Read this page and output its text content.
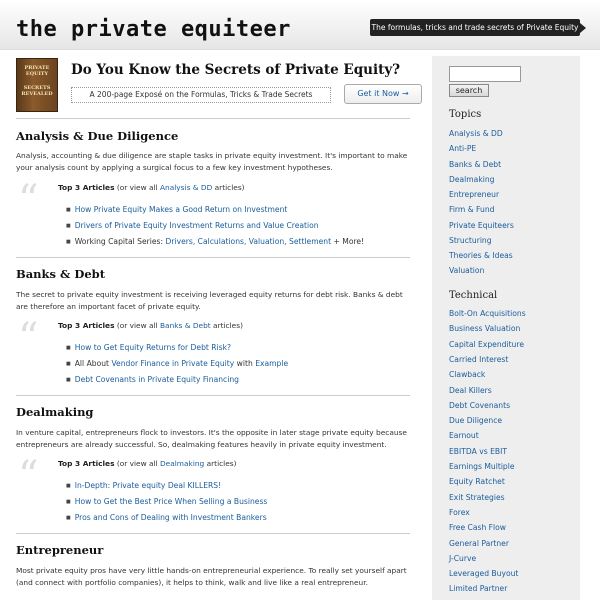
the private equiteer	The formulas, tricks and trade secrets of Private Equity
PRIVATE
EQUITY
SECRETS
REVEALED
Do You Know the Secrets of Private Equity?
A 200-page Exposé on the Formulas, Tricks & Trade Secrets	Get it Now →
Analysis & Due Diligence
Analysis, accounting & due diligence are staple tasks in private equity investment. It's important to make
your analysis count by applying a surgical focus to a few key investment hypotheses.
“	Top 3 Articles (or view all Analysis & DD articles)
■ How Private Equity Makes a Good Return on Investment
■ Drivers of Private Equity Investment Returns and Value Creation
■ Working Capital Series: Drivers, Calculations, Valuation, Settlement + More!
Banks & Debt
The secret to private equity investment is receiving leveraged equity returns for debt risk. Banks & debt
are therefore an important facet of private equity.
“	Top 3 Articles (or view all Banks & Debt articles)
■ How to Get Equity Returns for Debt Risk?
■ All About Vendor Finance in Private Equity with Example
■ Debt Covenants in Private Equity Financing
Dealmaking
In venture capital, entrepreneurs flock to investors. It's the opposite in later stage private equity because
entrepreneurs are already successful. So, dealmaking features heavily in private equity investment.
“	Top 3 Articles (or view all Dealmaking articles)
■ In-Depth: Private equity Deal KILLERS!
■ How to Get the Best Price When Selling a Business
■ Pros and Cons of Dealing with Investment Bankers
Entrepreneur
Most private equity pros have very little hands-on entrepreneurial experience. To really set yourself apart
(and connect with portfolio companies), it helps to think, walk and live like a real entrepreneur.
search
Topics
Analysis & DD
Anti-PE
Banks & Debt
Dealmaking
Entrepreneur
Firm & Fund
Private Equiteers
Structuring
Theories & Ideas
Valuation
Technical
Bolt-On Acquisitions
Business Valuation
Capital Expenditure
Carried Interest
Clawback
Deal Killers
Debt Covenants
Due Diligence
Earnout
EBITDA vs EBIT
Earnings Multiple
Equity Ratchet
Exit Strategies
Forex
Free Cash Flow
General Partner
J-Curve
Leveraged Buyout
Limited Partner
